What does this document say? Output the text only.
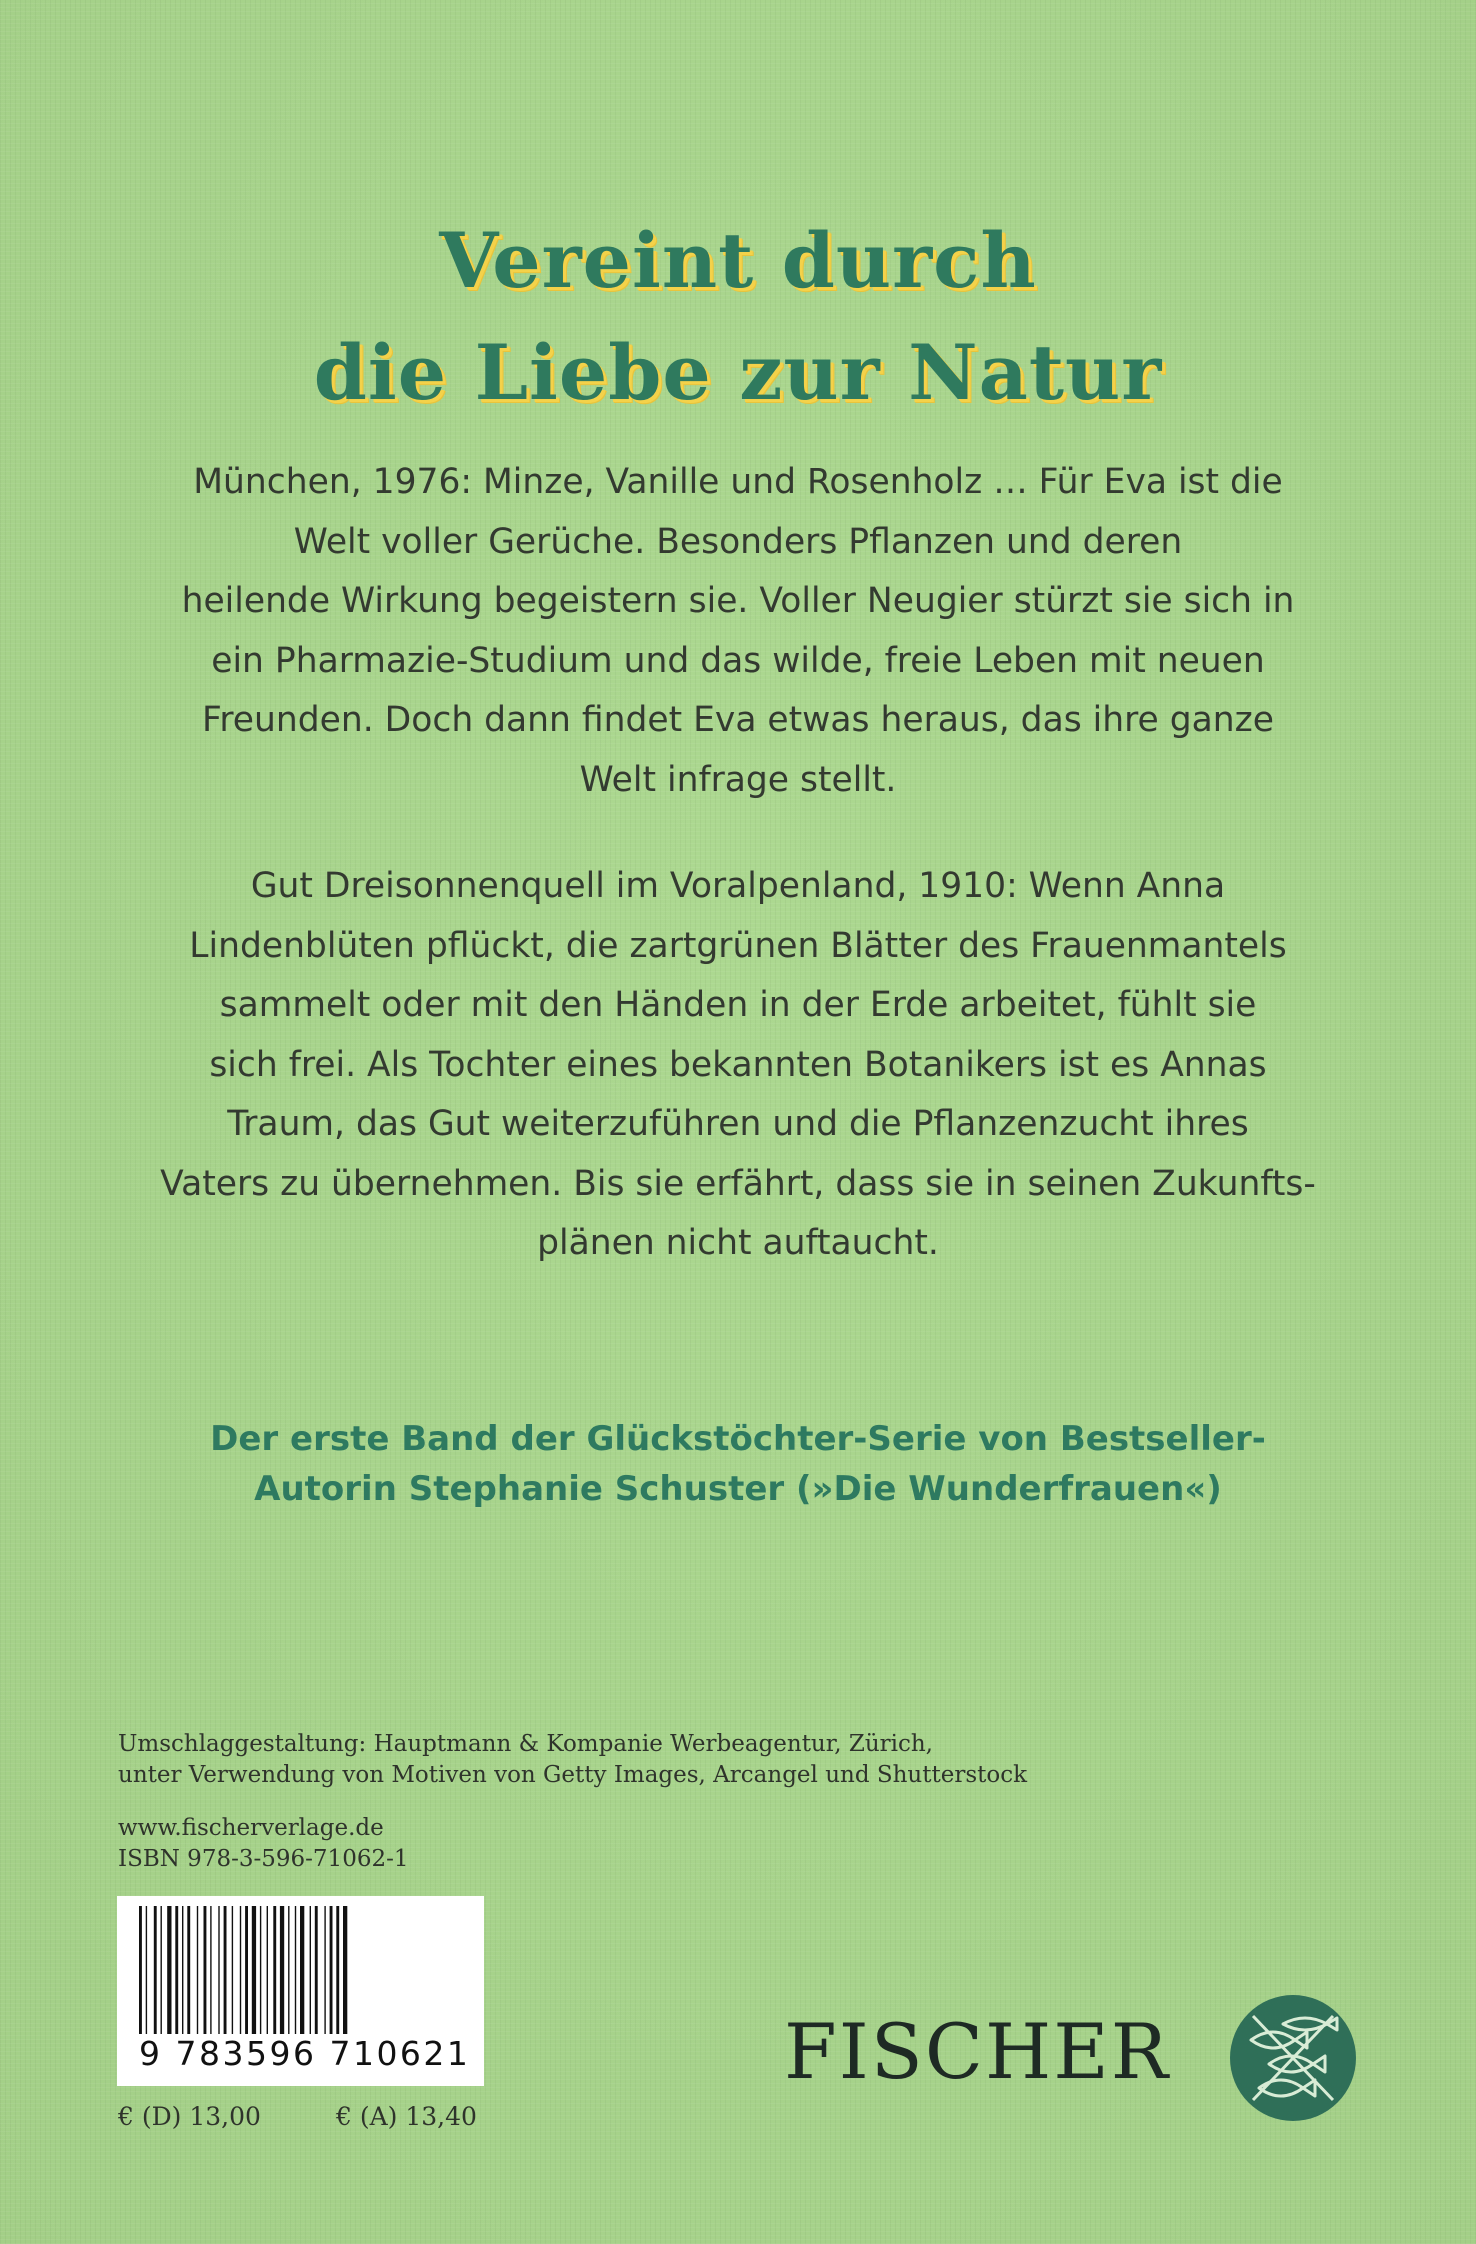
Vereint durch
die Liebe zur Natur

München, 1976: Minze, Vanille und Rosenholz … Für Eva ist die
Welt voller Gerüche. Besonders Pflanzen und deren
heilende Wirkung begeistern sie. Voller Neugier stürzt sie sich in
ein Pharmazie-Studium und das wilde, freie Leben mit neuen
Freunden. Doch dann findet Eva etwas heraus, das ihre ganze
Welt infrage stellt.

Gut Dreisonnenquell im Voralpenland, 1910: Wenn Anna
Lindenblüten pflückt, die zartgrünen Blätter des Frauenmantels
sammelt oder mit den Händen in der Erde arbeitet, fühlt sie
sich frei. Als Tochter eines bekannten Botanikers ist es Annas
Traum, das Gut weiterzuführen und die Pflanzenzucht ihres
Vaters zu übernehmen. Bis sie erfährt, dass sie in seinen Zukunfts-
plänen nicht auftaucht.

Der erste Band der Glückstöchter-Serie von Bestseller-
Autorin Stephanie Schuster (»Die Wunderfrauen«)
Umschlaggestaltung: Hauptmann & Kompanie Werbeagentur, Zürich,
unter Verwendung von Motiven von Getty Images, Arcangel und Shutterstock
www.fischerverlage.de
ISBN 978-3-596-71062-1
9 783596 710621
€ (D) 13,00	€ (A) 13,40
FISCHER
